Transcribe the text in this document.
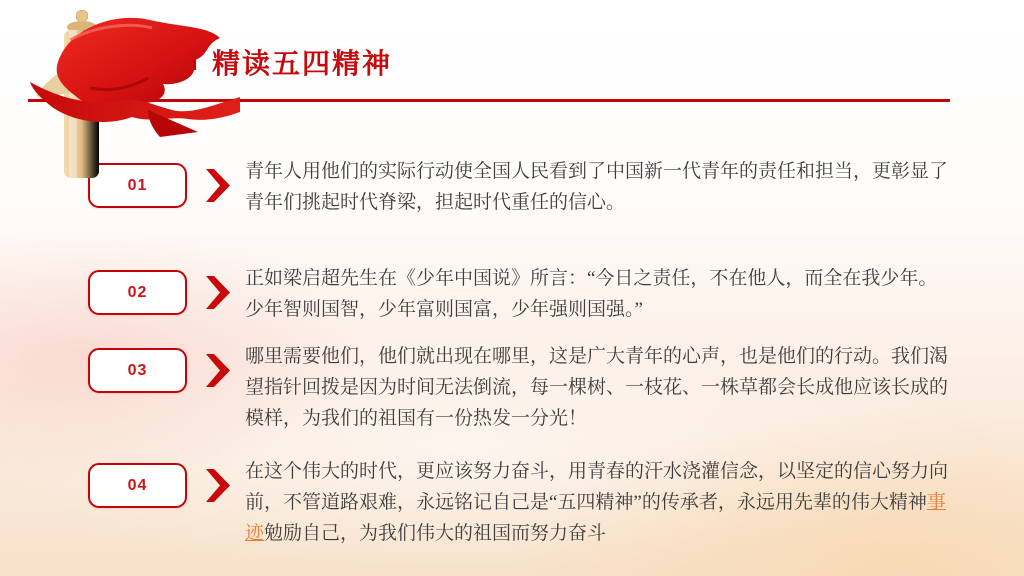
精读五四精神
01

青年人用他们的实际行动使全国人民看到了中国新一代青年的责任和担当，更彰显了青年们挑起时代脊梁，担起时代重任的信心。

02

正如梁启超先生在《少年中国说》所言：“今日之责任，不在他人，而全在我少年。少年智则国智，少年富则国富，少年强则国强。”

03

哪里需要他们，他们就出现在哪里，这是广大青年的心声，也是他们的行动。我们渴望指针回拨是因为时间无法倒流，每一棵树、一枝花、一株草都会长成他应该长成的模样，为我们的祖国有一份热发一分光！

04

在这个伟大的时代，更应该努力奋斗，用青春的汗水浇灌信念，以坚定的信心努力向前，不管道路艰难，永远铭记自己是“五四精神”的传承者，永远用先辈的伟大精神事迹勉励自己，为我们伟大的祖国而努力奋斗
